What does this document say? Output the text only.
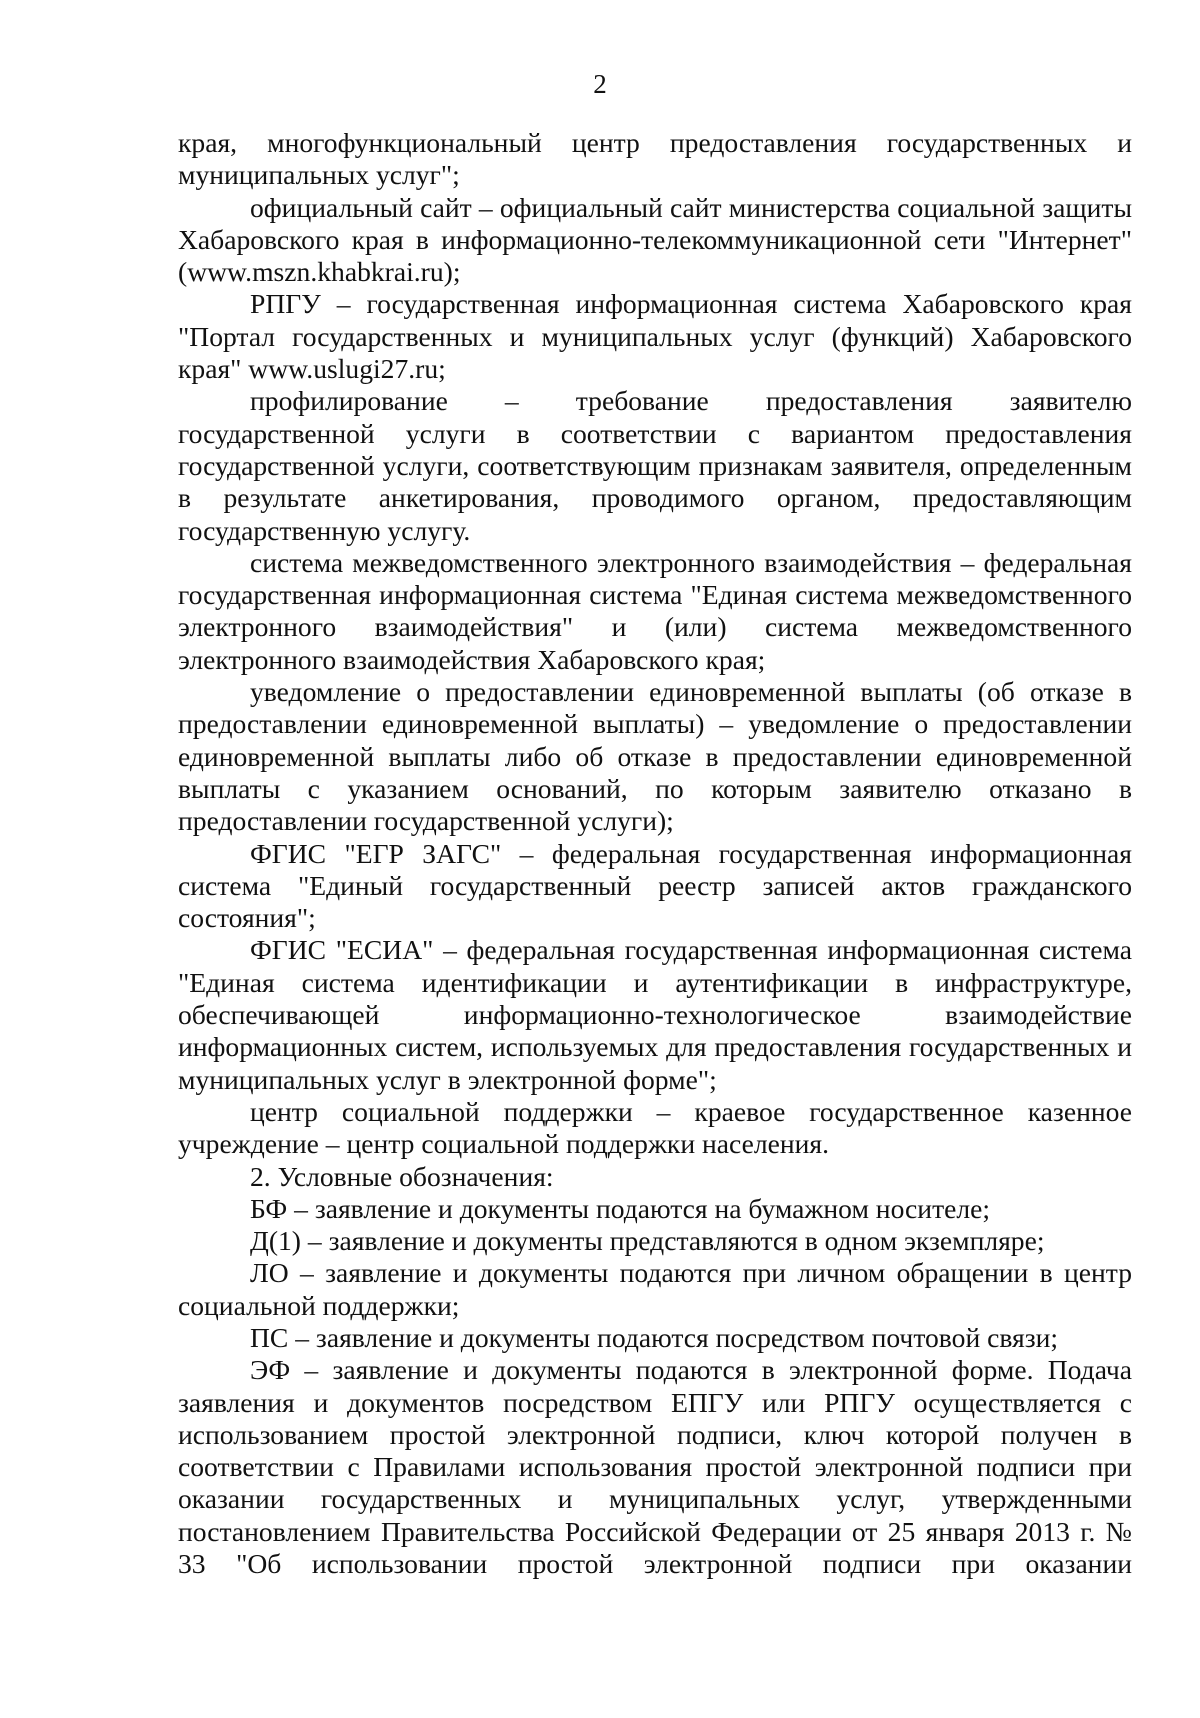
2

края, многофункциональный центр предоставления государственных и муниципальных услуг";

официальный сайт – официальный сайт министерства социальной защиты Хабаровского края в информационно-телекоммуникационной сети "Интернет" (www.mszn.khabkrai.ru);

РПГУ – государственная информационная система Хабаровского края "Портал государственных и муниципальных услуг (функций) Хабаровского края" www.uslugi27.ru;

профилирование – требование предоставления заявителю государственной услуги в соответствии с вариантом предоставления государственной услуги, соответствующим признакам заявителя, определенным в результате анкетирования, проводимого органом, предоставляющим государственную услугу.

система межведомственного электронного взаимодействия – федеральная государственная информационная система "Единая система межведомственного электронного взаимодействия" и (или) система межведомственного электронного взаимодействия Хабаровского края;

уведомление о предоставлении единовременной выплаты (об отказе в предоставлении единовременной выплаты) – уведомление о предоставлении единовременной выплаты либо об отказе в предоставлении единовременной выплаты с указанием оснований, по которым заявителю отказано в предоставлении государственной услуги);

ФГИС "ЕГР ЗАГС" – федеральная государственная информационная система "Единый государственный реестр записей актов гражданского состояния";

ФГИС "ЕСИА" – федеральная государственная информационная система "Единая система идентификации и аутентификации в инфраструктуре, обеспечивающей информационно-технологическое взаимодействие информационных систем, используемых для предоставления государственных и муниципальных услуг в электронной форме";

центр социальной поддержки – краевое государственное казенное учреждение – центр социальной поддержки населения.

2. Условные обозначения:

БФ – заявление и документы подаются на бумажном носителе;

Д(1) – заявление и документы представляются в одном экземпляре;

ЛО – заявление и документы подаются при личном обращении в центр социальной поддержки;

ПС – заявление и документы подаются посредством почтовой связи;

ЭФ – заявление и документы подаются в электронной форме. Подача заявления и документов посредством ЕПГУ или РПГУ осуществляется с использованием простой электронной подписи, ключ которой получен в соответствии с Правилами использования простой электронной подписи при оказании государственных и муниципальных услуг, утвержденными постановлением Правительства Российской Федерации от 25 января 2013 г. № 33 "Об использовании простой электронной подписи при оказании
